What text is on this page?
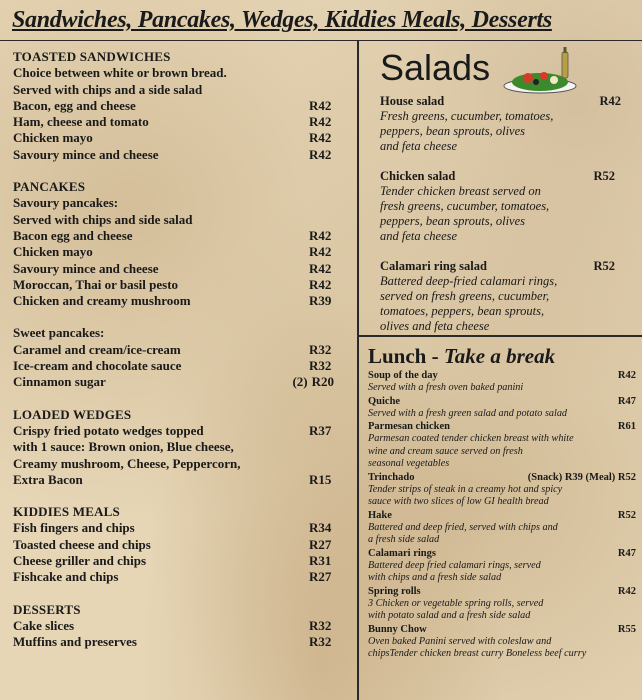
Sandwiches, Pancakes, Wedges, Kiddies Meals, Desserts
TOASTED SANDWICHES
Choice between white or brown bread.
Served with chips and a side salad
Bacon, egg and cheese	R42
Ham, cheese and tomato	R42
Chicken mayo	R42
Savoury mince and cheese	R42
PANCAKES
Savoury pancakes:
Served with chips and side salad
Bacon egg and cheese	R42
Chicken mayo	R42
Savoury mince and cheese	R42
Moroccan, Thai or basil pesto	R42
Chicken and creamy mushroom	R39
Sweet pancakes:
Caramel and cream/ice-cream	R32
Ice-cream and chocolate sauce	R32
Cinnamon sugar	(2) R20
LOADED WEDGES
Crispy fried potato wedges topped	R37
with 1 sauce: Brown onion, Blue cheese,
Creamy mushroom, Cheese, Peppercorn,
Extra Bacon	R15
KIDDIES MEALS
Fish fingers and chips	R34
Toasted cheese and chips	R27
Cheese griller and chips	R31
Fishcake and chips	R27
DESSERTS
Cake slices	R32
Muffins and preserves	R32
Salads
House salad	R42
Fresh greens, cucumber, tomatoes,
peppers, bean sprouts, olives
and feta cheese
Chicken salad	R52
Tender chicken breast served on
fresh greens, cucumber, tomatoes,
peppers, bean sprouts, olives
and feta cheese
Calamari ring salad	R52
Battered deep-fried calamari rings,
served on fresh greens, cucumber,
tomatoes, peppers, bean sprouts,
olives and feta cheese
Lunch - Take a break
Soup of the day	R42
Served with a fresh oven baked panini
Quiche	R47
Served with a fresh green salad and potato salad
Parmesan chicken	R61
Parmesan coated tender chicken breast with white
wine and cream sauce served on fresh
seasonal vegetables
Trinchado	(Snack) R39 (Meal) R52
Tender strips of steak in a creamy hot and spicy
sauce with two slices of low GI health bread
Hake	R52
Battered and deep fried, served with chips and
a fresh side salad
Calamari rings	R47
Battered deep fried calamari rings, served
with chips and a fresh side salad
Spring rolls	R42
3 Chicken or vegetable spring rolls, served
with potato salad and a fresh side salad
Bunny Chow	R55
Oven baked Panini served with coleslaw and
chipsTender chicken breast curry Boneless beef curry
